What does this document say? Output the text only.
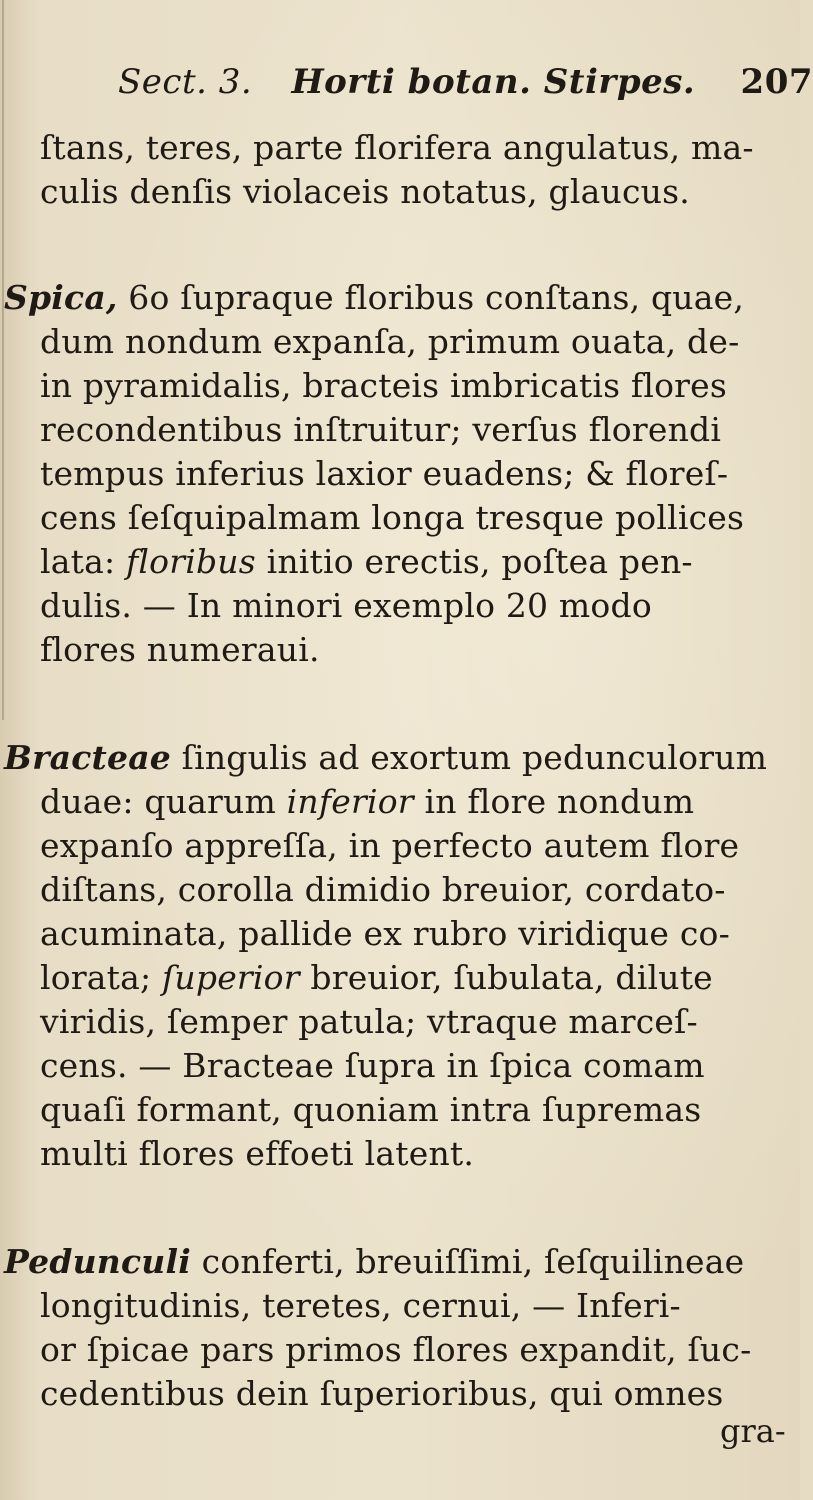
Sect. 3. Horti botan. Stirpes. 207
ſtans, teres, parte florifera angulatus, ma-
culis denſis violaceis notatus, glaucus.
Spica, 6o ſupraque floribus conſtans, quae,
dum nondum expanſa, primum ouata, de-
in pyramidalis, bracteis imbricatis flores
recondentibus inſtruitur; verſus florendi
tempus inferius laxior euadens; & floreſ-
cens ſeſquipalmam longa tresque pollices
lata: floribus initio erectis, poſtea pen-
dulis. — In minori exemplo 20 modo
flores numeraui.
Bracteae ſingulis ad exortum pedunculorum
duae: quarum inferior in flore nondum
expanſo appreſſa, in perfecto autem flore
diſtans, corolla dimidio breuior, cordato-
acuminata, pallide ex rubro viridique co-
lorata; ſuperior breuior, ſubulata, dilute
viridis, ſemper patula; vtraque marceſ-
cens. — Bracteae ſupra in ſpica comam
quaſi formant, quoniam intra ſupremas
multi flores effoeti latent.
Pedunculi conferti, breuiſſimi, ſeſquilineae
longitudinis, teretes, cernui, — Inferi-
or ſpicae pars primos flores expandit, ſuc-
cedentibus dein ſuperioribus, qui omnes
gra-
